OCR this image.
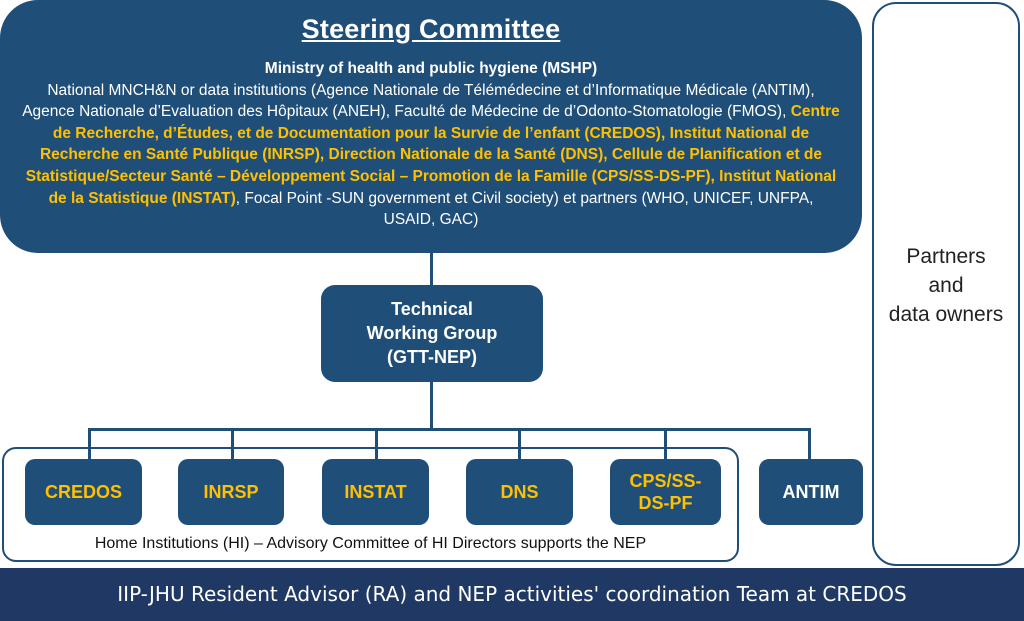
Steering Committee
Ministry of health and public hygiene (MSHP)
National MNCH&N or data institutions (Agence Nationale de Télémédecine et d’Informatique Médicale (ANTIM), Agence Nationale d’Evaluation des Hôpitaux (ANEH), Faculté de Médecine de d’Odonto-Stomatologie (FMOS), Centre de Recherche, d’Études, et de Documentation pour la Survie de l’enfant (CREDOS), Institut National de Recherche en Santé Publique (INRSP), Direction Nationale de la Santé (DNS), Cellule de Planification et de Statistique/Secteur Santé – Développement Social – Promotion de la Famille (CPS/SS-DS-PF), Institut National de la Statistique (INSTAT), Focal Point -SUN government et Civil society) et partners (WHO, UNICEF, UNFPA, USAID, GAC)
Partners
and
data owners
Technical
Working Group
(GTT-NEP)
Home Institutions (HI) – Advisory Committee of HI Directors supports the NEP
CREDOS	INRSP	INSTAT	DNS
CPS/SS-
DS-PF
ANTIM
IIP-JHU Resident Advisor (RA) and NEP activities' coordination Team at CREDOS
